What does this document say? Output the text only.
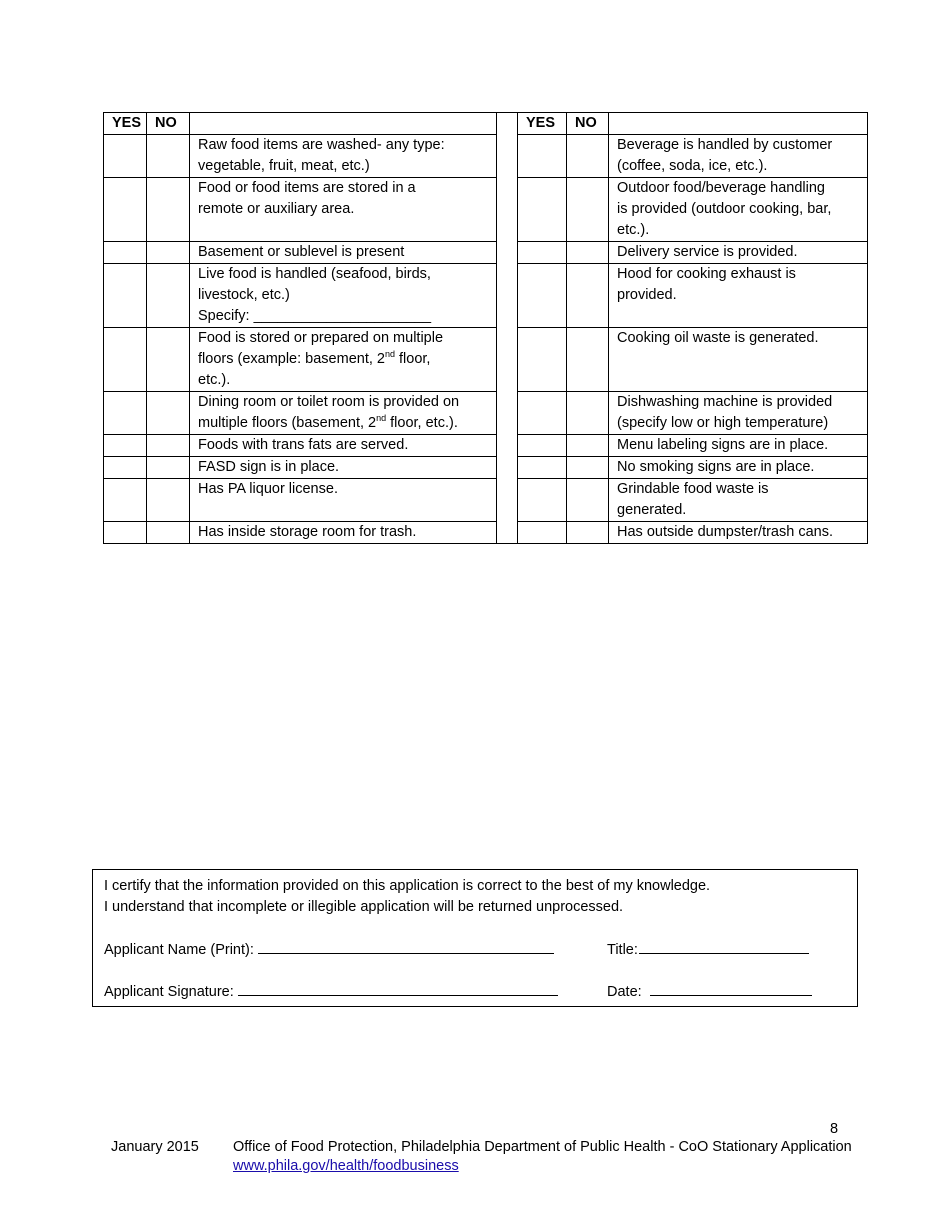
YES	NO			YES	NO	
		Raw food items are washed- any type:
vegetable, fruit, meat, etc.)				Beverage is handled by customer
(coffee, soda, ice, etc.).
		Food or food items are stored in a
remote or auxiliary area.				Outdoor food/beverage handling
is provided (outdoor cooking, bar,
etc.).
		Basement or sublevel is present				Delivery service is provided.
		Live food is handled (seafood, birds,
livestock, etc.)
Specify: ______________________				Hood for cooking exhaust is
provided.
		Food is stored or prepared on multiple
floors (example: basement, 2nd floor,
etc.).				Cooking oil waste is generated.
		Dining room or toilet room is provided on
multiple floors (basement, 2nd floor, etc.).				Dishwashing machine is provided
(specify low or high temperature)
		Foods with trans fats are served.				Menu labeling signs are in place.
		FASD sign is in place.				No smoking signs are in place.
		Has PA liquor license.				Grindable food waste is
generated.
		Has inside storage room for trash.				Has outside dumpster/trash cans.
I certify that the information provided on this application is correct to the best of my knowledge.
I understand that incomplete or illegible application will be returned unprocessed.
Applicant Name (Print):	Title:
Applicant Signature:	Date:
8
January 2015 Office of Food Protection, Philadelphia Department of Public Health - CoO Stationary Application
www.phila.gov/health/foodbusiness
